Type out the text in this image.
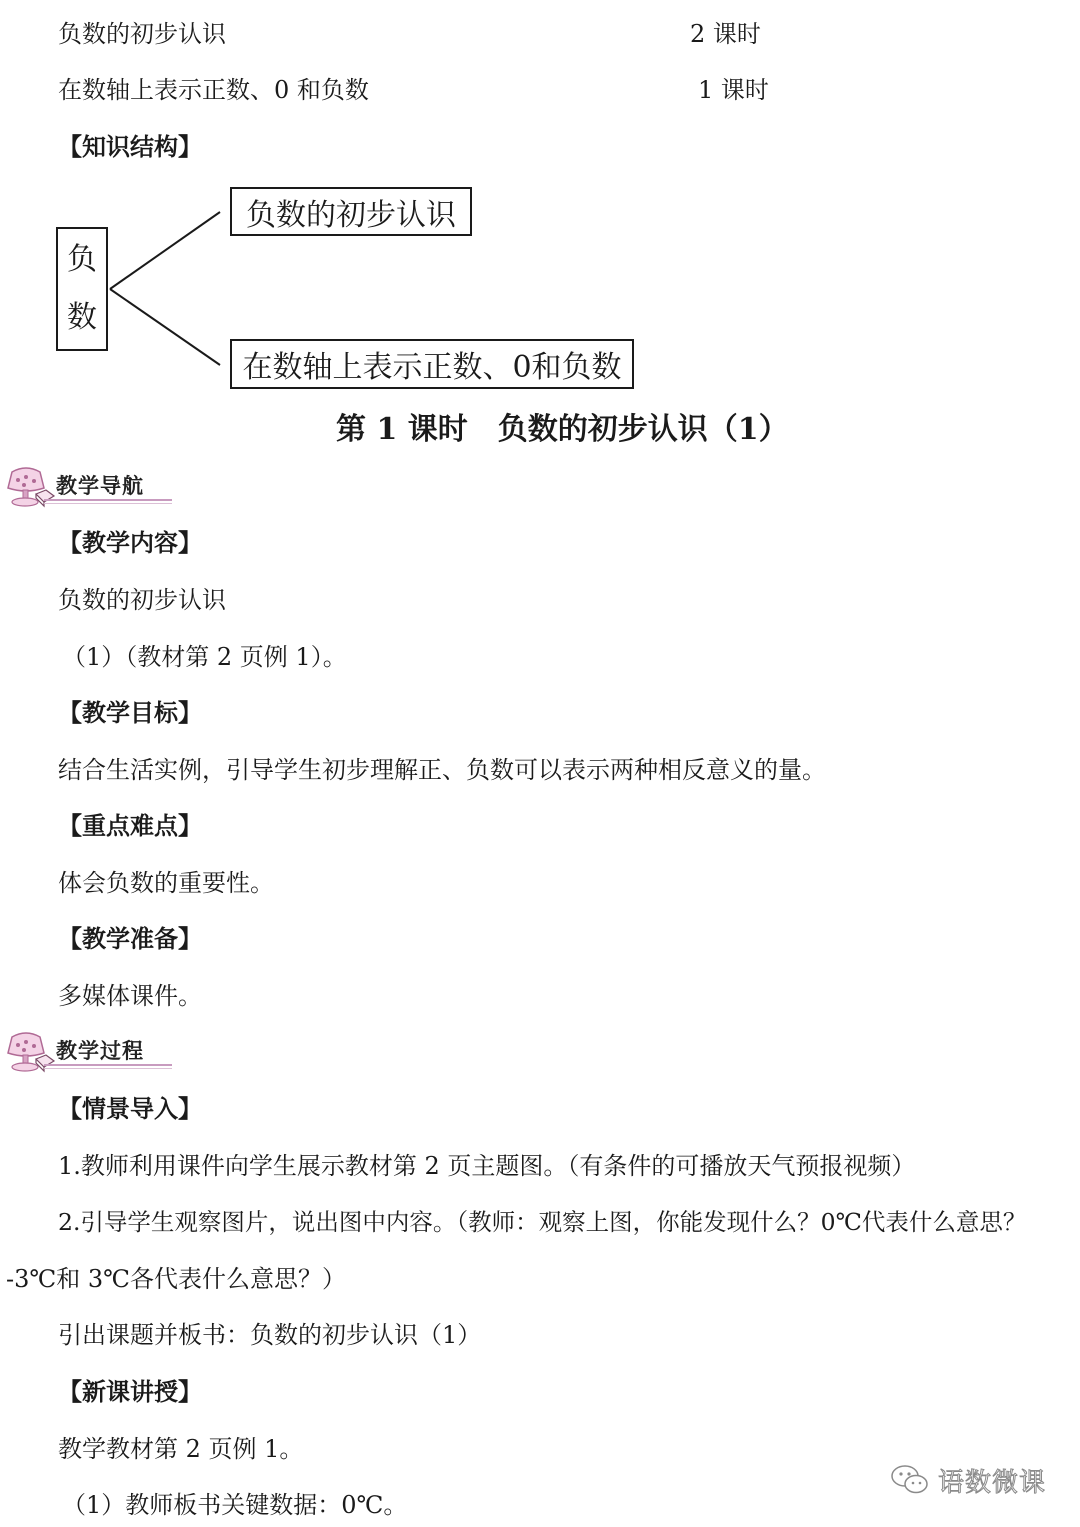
负数的初步认识	2 课时
在数轴上表示正数、0 和负数	1 课时
【知识结构】
负
数
负数的初步认识
在数轴上表示正数、0和负数
第 1 课时　负数的初步认识（1）
教学导航
【教学内容】
负数的初步认识
（1）（教材第 2 页例 1）。
【教学目标】
结合生活实例，引导学生初步理解正、负数可以表示两种相反意义的量。
【重点难点】
体会负数的重要性。
【教学准备】
多媒体课件。
教学过程
【情景导入】
1.教师利用课件向学生展示教材第 2 页主题图。（有条件的可播放天气预报视频）
2.引导学生观察图片，说出图中内容。（教师：观察上图，你能发现什么？0℃代表什么意思？
-3℃和 3℃各代表什么意思？）
引出课题并板书：负数的初步认识（1）
【新课讲授】
教学教材第 2 页例 1。
（1）教师板书关键数据：0℃。
语数微课
